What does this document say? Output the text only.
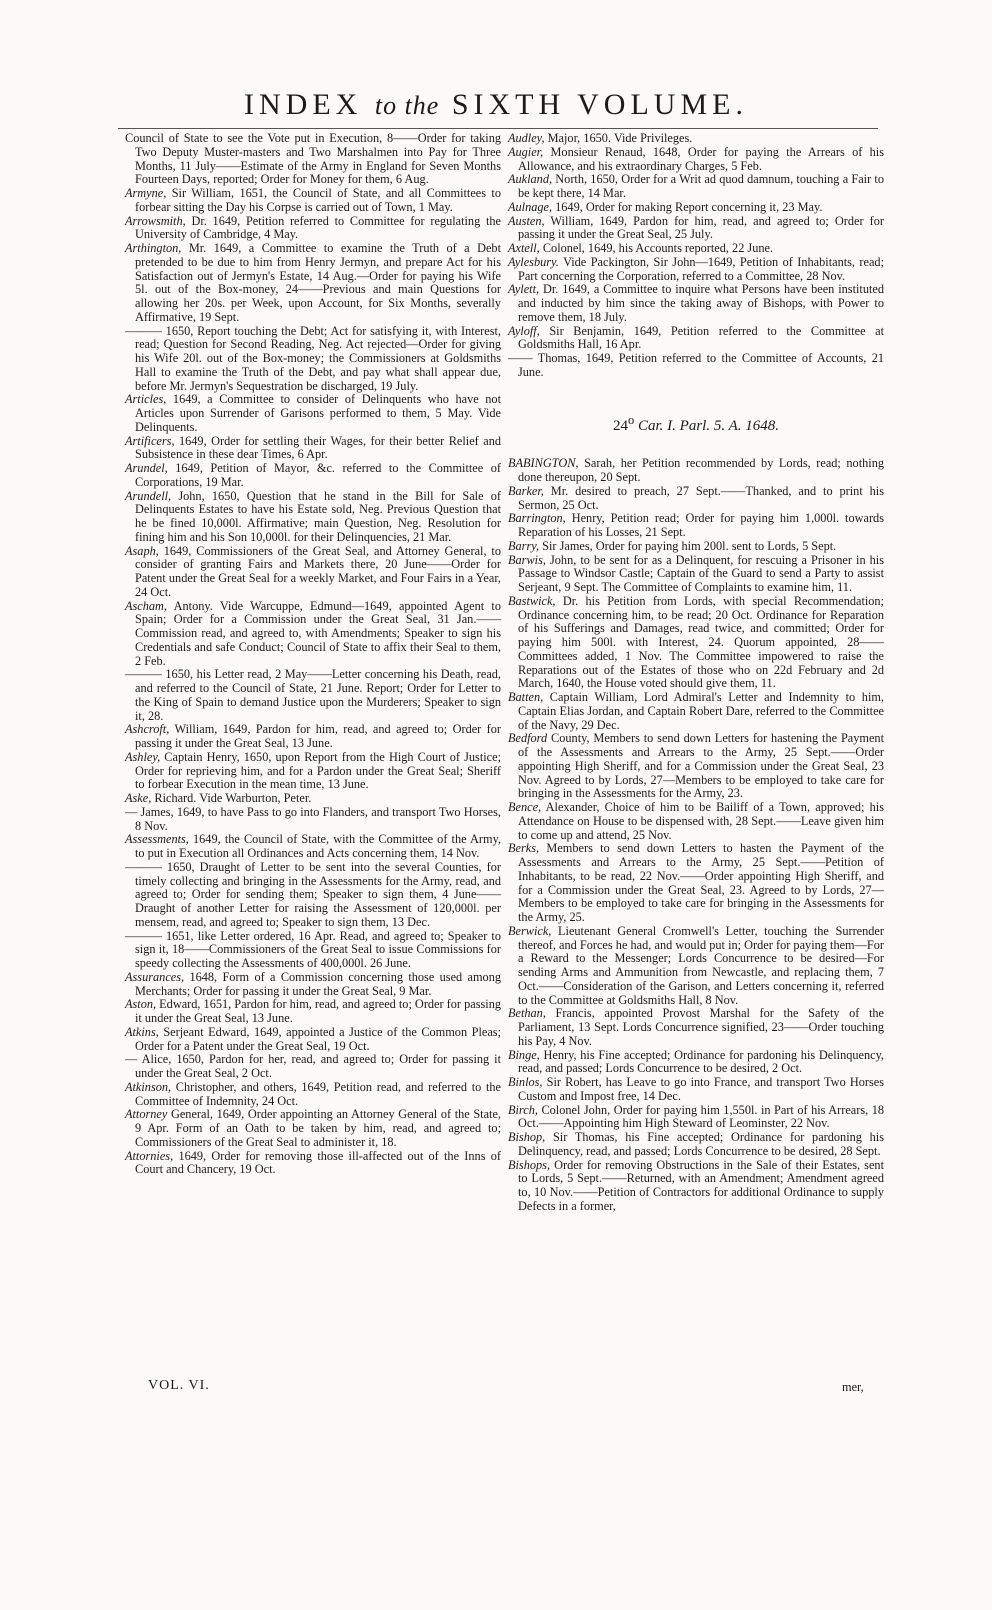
INDEX to the SIXTH VOLUME.

Council of State to see the Vote put in Execution, 8——Order for taking Two Deputy Muster-masters and Two Marshalmen into Pay for Three Months, 11 July——Estimate of the Army in England for Seven Months Fourteen Days, reported; Order for Money for them, 6 Aug.

Armyne, Sir William, 1651, the Council of State, and all Committees to forbear sitting the Day his Corpse is carried out of Town, 1 May.

Arrowsmith, Dr. 1649, Petition referred to Committee for regulating the University of Cambridge, 4 May.

Arthington, Mr. 1649, a Committee to examine the Truth of a Debt pretended to be due to him from Henry Jermyn, and prepare Act for his Satisfaction out of Jermyn's Estate, 14 Aug.—Order for paying his Wife 5l. out of the Box-money, 24——Previous and main Questions for allowing her 20s. per Week, upon Account, for Six Months, severally Affirmative, 19 Sept.

——— 1650, Report touching the Debt; Act for satisfying it, with Interest, read; Question for Second Reading, Neg. Act rejected—Order for giving his Wife 20l. out of the Box-money; the Commissioners at Goldsmiths Hall to examine the Truth of the Debt, and pay what shall appear due, before Mr. Jermyn's Sequestration be discharged, 19 July.

Articles, 1649, a Committee to consider of Delinquents who have not Articles upon Surrender of Garisons performed to them, 5 May. Vide Delinquents.

Artificers, 1649, Order for settling their Wages, for their better Relief and Subsistence in these dear Times, 6 Apr.

Arundel, 1649, Petition of Mayor, &c. referred to the Committee of Corporations, 19 Mar.

Arundell, John, 1650, Question that he stand in the Bill for Sale of Delinquents Estates to have his Estate sold, Neg. Previous Question that he be fined 10,000l. Affirmative; main Question, Neg. Resolution for fining him and his Son 10,000l. for their Delinquencies, 21 Mar.

Asaph, 1649, Commissioners of the Great Seal, and Attorney General, to consider of granting Fairs and Markets there, 20 June——Order for Patent under the Great Seal for a weekly Market, and Four Fairs in a Year, 24 Oct.

Ascham, Antony. Vide Warcuppe, Edmund—1649, appointed Agent to Spain; Order for a Commission under the Great Seal, 31 Jan.——Commission read, and agreed to, with Amendments; Speaker to sign his Credentials and safe Conduct; Council of State to affix their Seal to them, 2 Feb.

——— 1650, his Letter read, 2 May——Letter concerning his Death, read, and referred to the Council of State, 21 June. Report; Order for Letter to the King of Spain to demand Justice upon the Murderers; Speaker to sign it, 28.

Ashcroft, William, 1649, Pardon for him, read, and agreed to; Order for passing it under the Great Seal, 13 June.

Ashley, Captain Henry, 1650, upon Report from the High Court of Justice; Order for reprieving him, and for a Pardon under the Great Seal; Sheriff to forbear Execution in the mean time, 13 June.

Aske, Richard. Vide Warburton, Peter.

— James, 1649, to have Pass to go into Flanders, and transport Two Horses, 8 Nov.

Assessments, 1649, the Council of State, with the Committee of the Army, to put in Execution all Ordinances and Acts concerning them, 14 Nov.

——— 1650, Draught of Letter to be sent into the several Counties, for timely collecting and bringing in the Assessments for the Army, read, and agreed to; Order for sending them; Speaker to sign them, 4 June——Draught of another Letter for raising the Assessment of 120,000l. per mensem, read, and agreed to; Speaker to sign them, 13 Dec.

——— 1651, like Letter ordered, 16 Apr. Read, and agreed to; Speaker to sign it, 18——Commissioners of the Great Seal to issue Commissions for speedy collecting the Assessments of 400,000l. 26 June.

Assurances, 1648, Form of a Commission concerning those used among Merchants; Order for passing it under the Great Seal, 9 Mar.

Aston, Edward, 1651, Pardon for him, read, and agreed to; Order for passing it under the Great Seal, 13 June.

Atkins, Serjeant Edward, 1649, appointed a Justice of the Common Pleas; Order for a Patent under the Great Seal, 19 Oct.

— Alice, 1650, Pardon for her, read, and agreed to; Order for passing it under the Great Seal, 2 Oct.

Atkinson, Christopher, and others, 1649, Petition read, and referred to the Committee of Indemnity, 24 Oct.

Attorney General, 1649, Order appointing an Attorney General of the State, 9 Apr. Form of an Oath to be taken by him, read, and agreed to; Commissioners of the Great Seal to administer it, 18.

Attornies, 1649, Order for removing those ill-affected out of the Inns of Court and Chancery, 19 Oct.

Audley, Major, 1650. Vide Privileges.

Augier, Monsieur Renaud, 1648, Order for paying the Arrears of his Allowance, and his extraordinary Charges, 5 Feb.

Aukland, North, 1650, Order for a Writ ad quod damnum, touching a Fair to be kept there, 14 Mar.

Aulnage, 1649, Order for making Report concerning it, 23 May.

Austen, William, 1649, Pardon for him, read, and agreed to; Order for passing it under the Great Seal, 25 July.

Axtell, Colonel, 1649, his Accounts reported, 22 June.

Aylesbury. Vide Packington, Sir John—1649, Petition of Inhabitants, read; Part concerning the Corporation, referred to a Committee, 28 Nov.

Aylett, Dr. 1649, a Committee to inquire what Persons have been instituted and inducted by him since the taking away of Bishops, with Power to remove them, 18 July.

Ayloff, Sir Benjamin, 1649, Petition referred to the Committee at Goldsmiths Hall, 16 Apr.

—— Thomas, 1649, Petition referred to the Committee of Accounts, 21 June.

24$^o$ Car. I. Parl. 5. A. 1648.

BABINGTON, Sarah, her Petition recommended by Lords, read; nothing done thereupon, 20 Sept.

Barker, Mr. desired to preach, 27 Sept.——Thanked, and to print his Sermon, 25 Oct.

Barrington, Henry, Petition read; Order for paying him 1,000l. towards Reparation of his Losses, 21 Sept.

Barry, Sir James, Order for paying him 200l. sent to Lords, 5 Sept.

Barwis, John, to be sent for as a Delinquent, for rescuing a Prisoner in his Passage to Windsor Castle; Captain of the Guard to send a Party to assist Serjeant, 9 Sept. The Committee of Complaints to examine him, 11.

Bastwick, Dr. his Petition from Lords, with special Recommendation; Ordinance concerning him, to be read; 20 Oct. Ordinance for Reparation of his Sufferings and Damages, read twice, and committed; Order for paying him 500l. with Interest, 24. Quorum appointed, 28——Committees added, 1 Nov. The Committee impowered to raise the Reparations out of the Estates of those who on 22d February and 2d March, 1640, the House voted should give them, 11.

Batten, Captain William, Lord Admiral's Letter and Indemnity to him, Captain Elias Jordan, and Captain Robert Dare, referred to the Committee of the Navy, 29 Dec.

Bedford County, Members to send down Letters for hastening the Payment of the Assessments and Arrears to the Army, 25 Sept.——Order appointing High Sheriff, and for a Commission under the Great Seal, 23 Nov. Agreed to by Lords, 27—Members to be employed to take care for bringing in the Assessments for the Army, 23.

Bence, Alexander, Choice of him to be Bailiff of a Town, approved; his Attendance on House to be dispensed with, 28 Sept.——Leave given him to come up and attend, 25 Nov.

Berks, Members to send down Letters to hasten the Payment of the Assessments and Arrears to the Army, 25 Sept.——Petition of Inhabitants, to be read, 22 Nov.——Order appointing High Sheriff, and for a Commission under the Great Seal, 23. Agreed to by Lords, 27—Members to be employed to take care for bringing in the Assessments for the Army, 25.

Berwick, Lieutenant General Cromwell's Letter, touching the Surrender thereof, and Forces he had, and would put in; Order for paying them—For a Reward to the Messenger; Lords Concurrence to be desired—For sending Arms and Ammunition from Newcastle, and replacing them, 7 Oct.——Consideration of the Garison, and Letters concerning it, referred to the Committee at Goldsmiths Hall, 8 Nov.

Bethan, Francis, appointed Provost Marshal for the Safety of the Parliament, 13 Sept. Lords Concurrence signified, 23——Order touching his Pay, 4 Nov.

Binge, Henry, his Fine accepted; Ordinance for pardoning his Delinquency, read, and passed; Lords Concurrence to be desired, 2 Oct.

Binlos, Sir Robert, has Leave to go into France, and transport Two Horses Custom and Impost free, 14 Dec.

Birch, Colonel John, Order for paying him 1,550l. in Part of his Arrears, 18 Oct.——Appointing him High Steward of Leominster, 22 Nov.

Bishop, Sir Thomas, his Fine accepted; Ordinance for pardoning his Delinquency, read, and passed; Lords Concurrence to be desired, 28 Sept.

Bishops, Order for removing Obstructions in the Sale of their Estates, sent to Lords, 5 Sept.——Returned, with an Amendment; Amendment agreed to, 10 Nov.——Petition of Contractors for additional Ordinance to supply Defects in a former,

VOL. VI.	mer,
